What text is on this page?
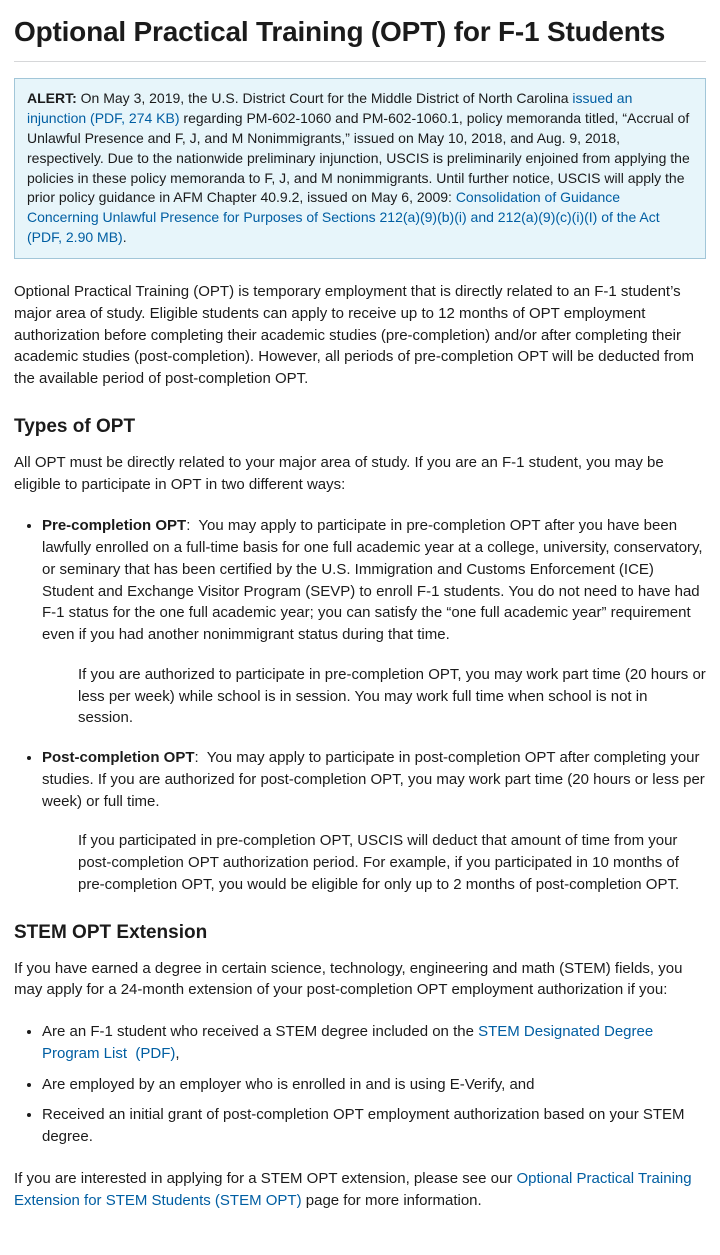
Optional Practical Training (OPT) for F-1 Students

ALERT: On May 3, 2019, the U.S. District Court for the Middle District of North Carolina issued an injunction (PDF, 274 KB) regarding PM-602-1060 and PM-602-1060.1, policy memoranda titled, “Accrual of Unlawful Presence and F, J, and M Nonimmigrants,” issued on May 10, 2018, and Aug. 9, 2018, respectively. Due to the nationwide preliminary injunction, USCIS is preliminarily enjoined from applying the policies in these policy memoranda to F, J, and M nonimmigrants. Until further notice, USCIS will apply the prior policy guidance in AFM Chapter 40.9.2, issued on May 6, 2009: Consolidation of Guidance Concerning Unlawful Presence for Purposes of Sections 212(a)(9)(b)(i) and 212(a)(9)(c)(i)(I) of the Act (PDF, 2.90 MB).

Optional Practical Training (OPT) is temporary employment that is directly related to an F-1 student’s major area of study. Eligible students can apply to receive up to 12 months of OPT employment authorization before completing their academic studies (pre-completion) and/or after completing their academic studies (post-completion). However, all periods of pre-completion OPT will be deducted from the available period of post-completion OPT.

Types of OPT

All OPT must be directly related to your major area of study. If you are an F-1 student, you may be eligible to participate in OPT in two different ways:

• Pre-completion OPT:  You may apply to participate in pre-completion OPT after you have been lawfully enrolled on a full-time basis for one full academic year at a college, university, conservatory, or seminary that has been certified by the U.S. Immigration and Customs Enforcement (ICE) Student and Exchange Visitor Program (SEVP) to enroll F-1 students. You do not need to have had F-1 status for the one full academic year; you can satisfy the “one full academic year” requirement even if you had another nonimmigrant status during that time.

If you are authorized to participate in pre-completion OPT, you may work part time (20 hours or less per week) while school is in session. You may work full time when school is not in session.

• Post-completion OPT:  You may apply to participate in post-completion OPT after completing your studies. If you are authorized for post-completion OPT, you may work part time (20 hours or less per week) or full time.

If you participated in pre-completion OPT, USCIS will deduct that amount of time from your post-completion OPT authorization period. For example, if you participated in 10 months of pre-completion OPT, you would be eligible for only up to 2 months of post-completion OPT.

STEM OPT Extension

If you have earned a degree in certain science, technology, engineering and math (STEM) fields, you may apply for a 24-month extension of your post-completion OPT employment authorization if you:

• Are an F-1 student who received a STEM degree included on the STEM Designated Degree Program List  (PDF),

• Are employed by an employer who is enrolled in and is using E-Verify, and

• Received an initial grant of post-completion OPT employment authorization based on your STEM degree.

If you are interested in applying for a STEM OPT extension, please see our Optional Practical Training Extension for STEM Students (STEM OPT) page for more information.
